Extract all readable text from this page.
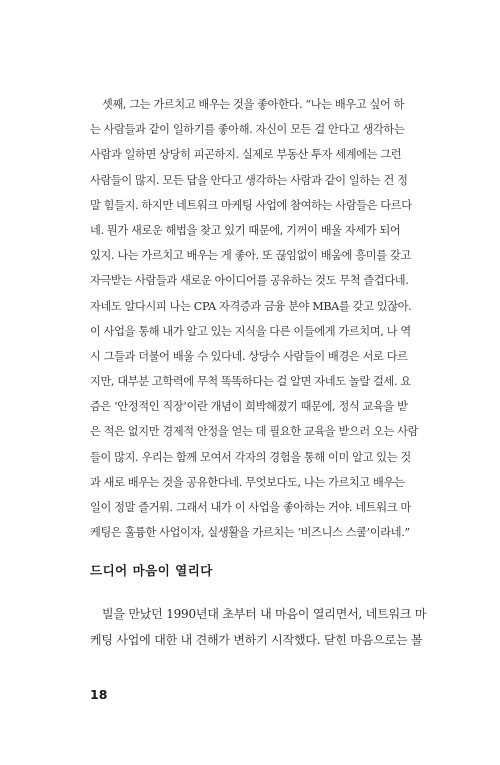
셋째, 그는 가르치고 배우는 것을 좋아한다. “나는 배우고 싶어 하
는 사람들과 같이 일하기를 좋아해. 자신이 모든 걸 안다고 생각하는
사람과 일하면 상당히 피곤하지. 실제로 부동산 투자 세계에는 그런
사람들이 많지. 모든 답을 안다고 생각하는 사람과 같이 일하는 건 정
말 힘들지. 하지만 네트워크 마케팅 사업에 참여하는 사람들은 다르다
네. 뭔가 새로운 해법을 찾고 있기 때문에, 기꺼이 배울 자세가 되어
있지. 나는 가르치고 배우는 게 좋아. 또 끊임없이 배움에 흥미를 갖고
자극받는 사람들과 새로운 아이디어를 공유하는 것도 무척 즐겁다네.
자네도 알다시피 나는 CPA 자격증과 금융 분야 MBA를 갖고 있잖아.
이 사업을 통해 내가 알고 있는 지식을 다른 이들에게 가르치며, 나 역
시 그들과 더불어 배울 수 있다네. 상당수 사람들이 배경은 서로 다르
지만, 대부분 고학력에 무척 똑똑하다는 걸 알면 자네도 놀랄 걸세. 요
즘은 ‘안정적인 직장’이란 개념이 희박해졌기 때문에, 정식 교육을 받
은 적은 없지만 경제적 안정을 얻는 데 필요한 교육을 받으러 오는 사람
들이 많지. 우리는 함께 모여서 각자의 경험을 통해 이미 알고 있는 것
과 새로 배우는 것을 공유한다네. 무엇보다도, 나는 가르치고 배우는
일이 정말 즐거워. 그래서 내가 이 사업을 좋아하는 거야. 네트워크 마
케팅은 훌륭한 사업이자, 실생활을 가르치는 ‘비즈니스 스쿨’이라네.”
드디어 마음이 열리다
빌을 만났던 1990년대 초부터 내 마음이 열리면서, 네트워크 마
케팅 사업에 대한 내 견해가 변하기 시작했다. 닫힌 마음으로는 볼
18
